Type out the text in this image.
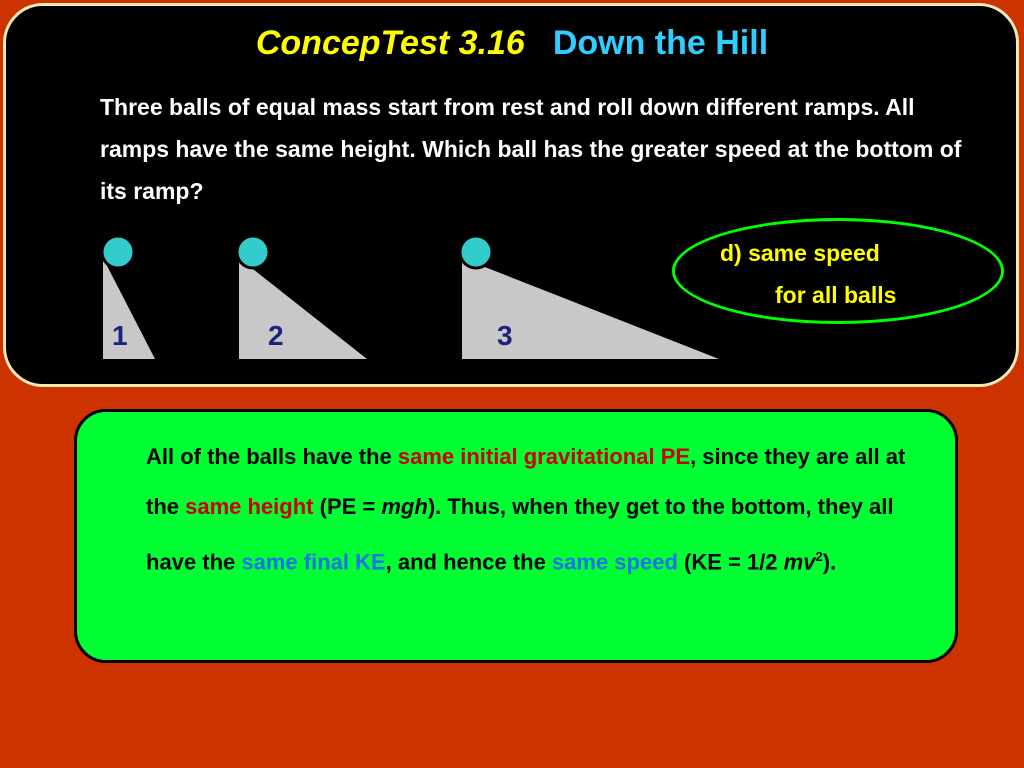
ConcepTest 3.16 Down the Hill
Three balls of equal mass start from rest and roll down different ramps. All ramps have the same height. Which ball has the greater speed at the bottom of its ramp?
1	2	3
d) same speed
for all balls
All of the balls have the same initial gravitational PE, since they are all at the same height (PE = mgh). Thus, when they get to the bottom, they all have the same final KE, and hence the same speed (KE = 1/2 $mv^2$).
